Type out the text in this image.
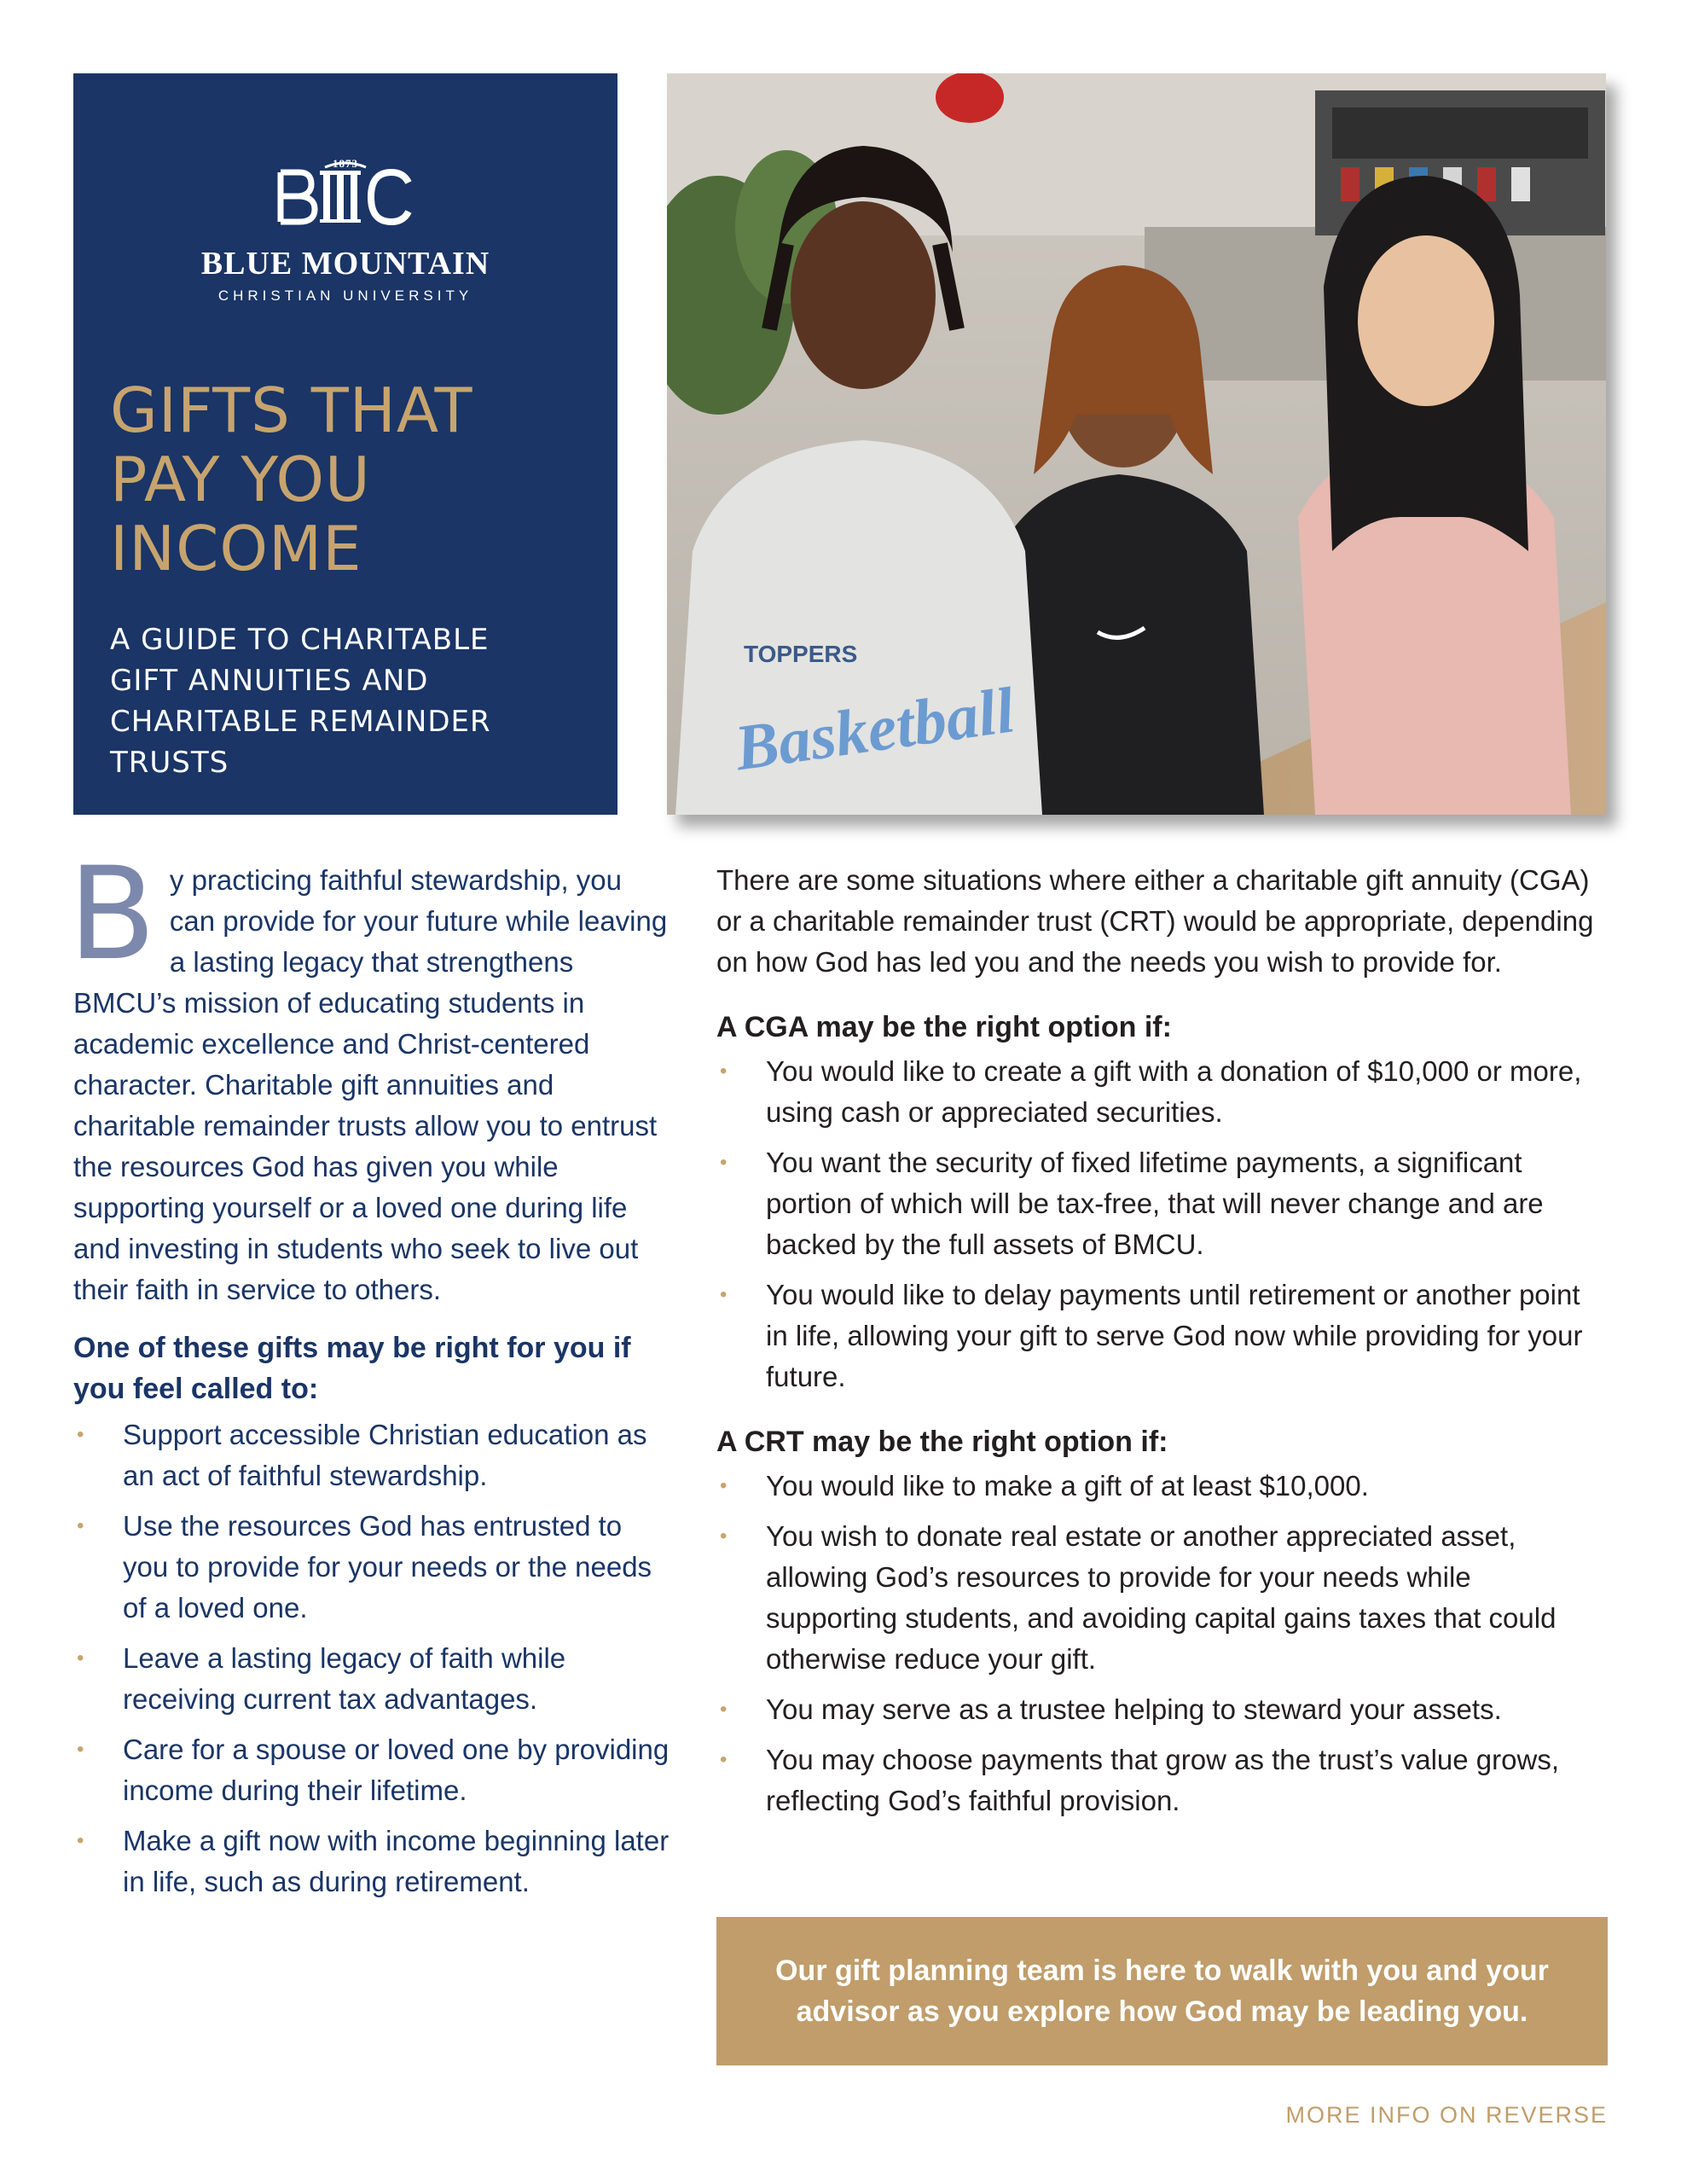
1873
BLUE MOUNTAIN
CHRISTIAN UNIVERSITY
GIFTS THAT
PAY YOU
INCOME
A GUIDE TO CHARITABLE
GIFT ANNUITIES AND
CHARITABLE REMAINDER
TRUSTS
TOPPERS
Basketball

By practicing faithful stewardship, you can provide for your future while leaving a lasting legacy that strengthens BMCU’s mission of educating students in academic excellence and Christ-centered character. Charitable gift annuities and charitable remainder trusts allow you to entrust the resources God has given you while supporting yourself or a loved one during life and investing in students who seek to live out their faith in service to others.

One of these gifts may be right for you if you feel called to:
• Support accessible Christian education as an act of faithful stewardship.
• Use the resources God has entrusted to you to provide for your needs or the needs of a loved one.
• Leave a lasting legacy of faith while receiving current tax advantages.
• Care for a spouse or loved one by providing income during their lifetime.
• Make a gift now with income beginning later in life, such as during retirement.

There are some situations where either a charitable gift annuity (CGA) or a charitable remainder trust (CRT) would be appropriate, depending on how God has led you and the needs you wish to provide for.

A CGA may be the right option if:
• You would like to create a gift with a donation of $10,000 or more, using cash or appreciated securities.
• You want the security of fixed lifetime payments, a significant portion of which will be tax-free, that will never change and are backed by the full assets of BMCU.
• You would like to delay payments until retirement or another point in life, allowing your gift to serve God now while providing for your future.
A CRT may be the right option if:
• You would like to make a gift of at least $10,000.
• You wish to donate real estate or another appreciated asset, allowing God’s resources to provide for your needs while supporting students, and avoiding capital gains taxes that could otherwise reduce your gift.
• You may serve as a trustee helping to steward your assets.
• You may choose payments that grow as the trust’s value grows, reflecting God’s faithful provision.

Our gift planning team is here to walk with you and your advisor as you explore how God may be leading you.

MORE INFO ON REVERSE
